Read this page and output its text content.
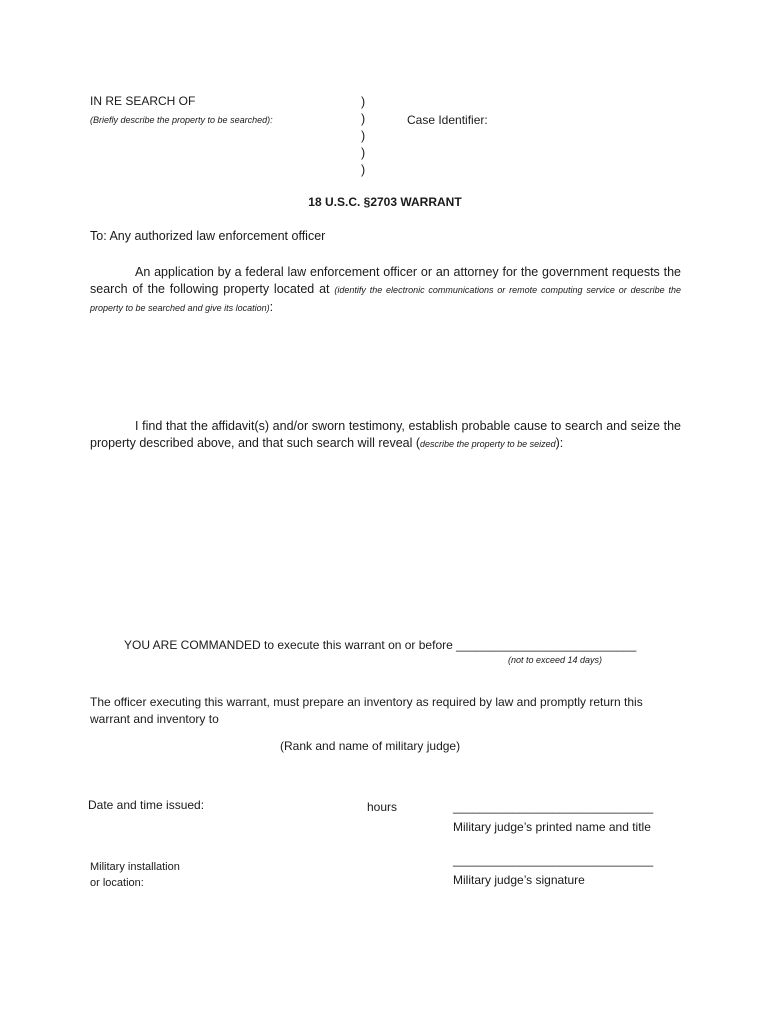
IN RE SEARCH OF
(Briefly describe the property to be searched):
)
)
)
)
)
Case Identifier:
18 U.S.C. §2703 WARRANT
To: Any authorized law enforcement officer
An application by a federal law enforcement officer or an attorney for the government requests the search of the following property located at (identify the electronic communications or remote computing service or describe the property to be searched and give its location):
I find that the affidavit(s) and/or sworn testimony, establish probable cause to search and seize the property described above, and that such search will reveal (describe the property to be seized):
YOU ARE COMMANDED to execute this warrant on or before ___________________________
(not to exceed 14 days)
The officer executing this warrant, must prepare an inventory as required by law and promptly return this warrant and inventory to
(Rank and name of military judge)
Date and time issued:	hours	______________________________
Military judge’s printed name and title
Military installation
or location:
______________________________
Military judge’s signature
